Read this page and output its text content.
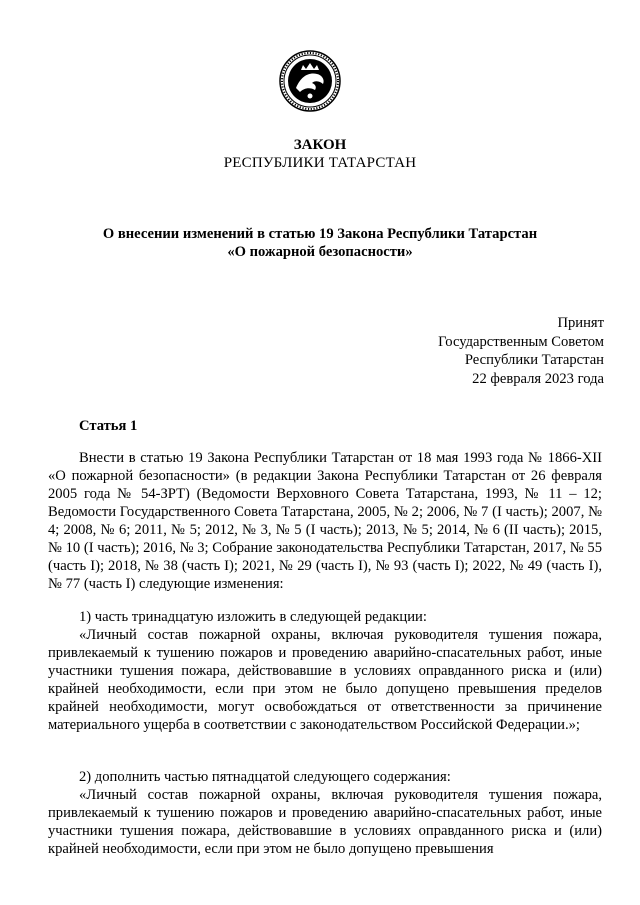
ЗАКОН
РЕСПУБЛИКИ ТАТАРСТАН
О внесении изменений в статью 19 Закона Республики Татарстан
«О пожарной безопасности»
Принят
Государственным Советом
Республики Татарстан
22 февраля 2023 года
Статья 1

Внести в статью 19 Закона Республики Татарстан от 18 мая 1993 года № 1866-XII «О пожарной безопасности» (в редакции Закона Республики Татарстан от 26 февраля 2005 года № 54-ЗРТ) (Ведомости Верховного Совета Татарстана, 1993, № 11 – 12; Ведомости Государственного Совета Татарстана, 2005, № 2; 2006, № 7 (I часть); 2007, № 4; 2008, № 6; 2011, № 5; 2012, № 3, № 5 (I часть); 2013, № 5; 2014, № 6 (II часть); 2015, № 10 (I часть); 2016, № 3; Собрание законодательства Республики Татарстан, 2017, № 55 (часть I); 2018, № 38 (часть I); 2021, № 29 (часть I), № 93 (часть I); 2022, № 49 (часть I), № 77 (часть I) следующие изменения:

1) часть тринадцатую изложить в следующей редакции:

«Личный состав пожарной охраны, включая руководителя тушения пожара, привлекаемый к тушению пожаров и проведению аварийно-спасательных работ, иные участники тушения пожара, действовавшие в условиях оправданного риска и (или) крайней необходимости, если при этом не было допущено превышения пределов крайней необходимости, могут освобождаться от ответственности за причинение материального ущерба в соответствии с законодательством Российской Федерации.»;

2) дополнить частью пятнадцатой следующего содержания:

«Личный состав пожарной охраны, включая руководителя тушения пожара, привлекаемый к тушению пожаров и проведению аварийно-спасательных работ, иные участники тушения пожара, действовавшие в условиях оправданного риска и (или) крайней необходимости, если при этом не было допущено превышения
